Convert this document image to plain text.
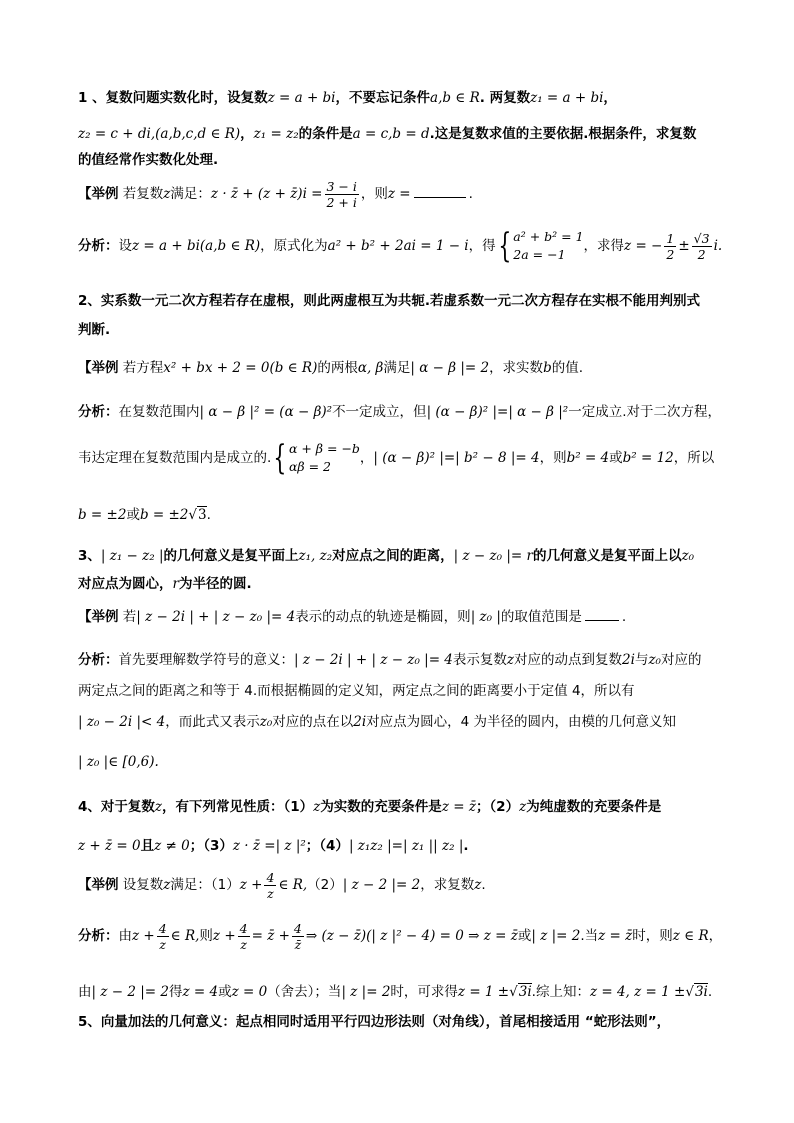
1 、复数问题实数化时，设复数z = a + bi，不要忘记条件a,b ∈ R. 两复数z₁ = a + bi，
z₂ = c + di,(a,b,c,d ∈ R)，z₁ = z₂的条件是a = c,b = d.这是复数求值的主要依据.根据条件，求复数
的值经常作实数化处理.
【举例 若复数z满足：z · z̄ + (z + z̄)i = $\frac{3 - i}{2 + i}$ ，则z =	.
分析：设z = a + bi(a,b ∈ R)，原式化为a² + b² + 2ai = 1 − i，得{ a² + b² = 1
2a = −1
，求得z = − $\frac{1}{2} \pm \frac{√3}{2} i$.
2、实系数一元二次方程若存在虚根，则此两虚根互为共轭.若虚系数一元二次方程存在实根不能用判别式
判断.
【举例 若方程x² + bx + 2 = 0(b ∈ R)的两根α, β满足| α − β |= 2，求实数b的值.
分析：在复数范围内| α − β |² = (α − β)²不一定成立，但| (α − β)² |=| α − β |²一定成立.对于二次方程，
韦达定理在复数范围内是成立的.{ α + β = −b
αβ = 2
，| (α − β)² |=| b² − 8 |= 4，则b² = 4或b² = 12，所以
b = ±2或b = ±2√3.
3、| z₁ − z₂ |的几何意义是复平面上z₁, z₂对应点之间的距离，| z − z₀ |= r的几何意义是复平面上以z₀
对应点为圆心，r为半径的圆.
【举例 若| z − 2i | + | z − z₀ |= 4表示的动点的轨迹是椭圆，则| z₀ |的取值范围是	.
分析：首先要理解数学符号的意义：| z − 2i | + | z − z₀ |= 4表示复数z对应的动点到复数2i与z₀对应的
两定点之间的距离之和等于 4.而根据椭圆的定义知，两定点之间的距离要小于定值 4，所以有
| z₀ − 2i |< 4，而此式又表示z₀对应的点在以2i对应点为圆心，4 为半径的圆内，由模的几何意义知
| z₀ |∈ [0,6).
4、对于复数z，有下列常见性质：（1）z为实数的充要条件是z = z̄；（2）z为纯虚数的充要条件是
z + z̄ = 0且z ≠ 0；（3）z · z̄ =| z |²；（4）| z₁z₂ |=| z₁ || z₂ |.
【举例 设复数z满足：$(1)z + \frac{4}{z}$ ∈ R,（2）| z − 2 |= 2，求复数z.
分析：由$z + \frac{4}{z}$ ∈ R,则$z + \frac{4}{z}$ = z̄ + $\frac{4}{z̄}$ ⇒ (z − z̄)(| z |² − 4) = 0 ⇒ z = z̄或| z |= 2.当z = z̄时，则z ∈ R，
由| z − 2 |= 2得z = 4或z = 0（舍去）；当| z |= 2时，可求得z = 1 ±√3i.综上知：z = 4, z = 1 ±√3i.
5、向量加法的几何意义：起点相同时适用平行四边形法则（对角线），首尾相接适用 “蛇形法则”，
